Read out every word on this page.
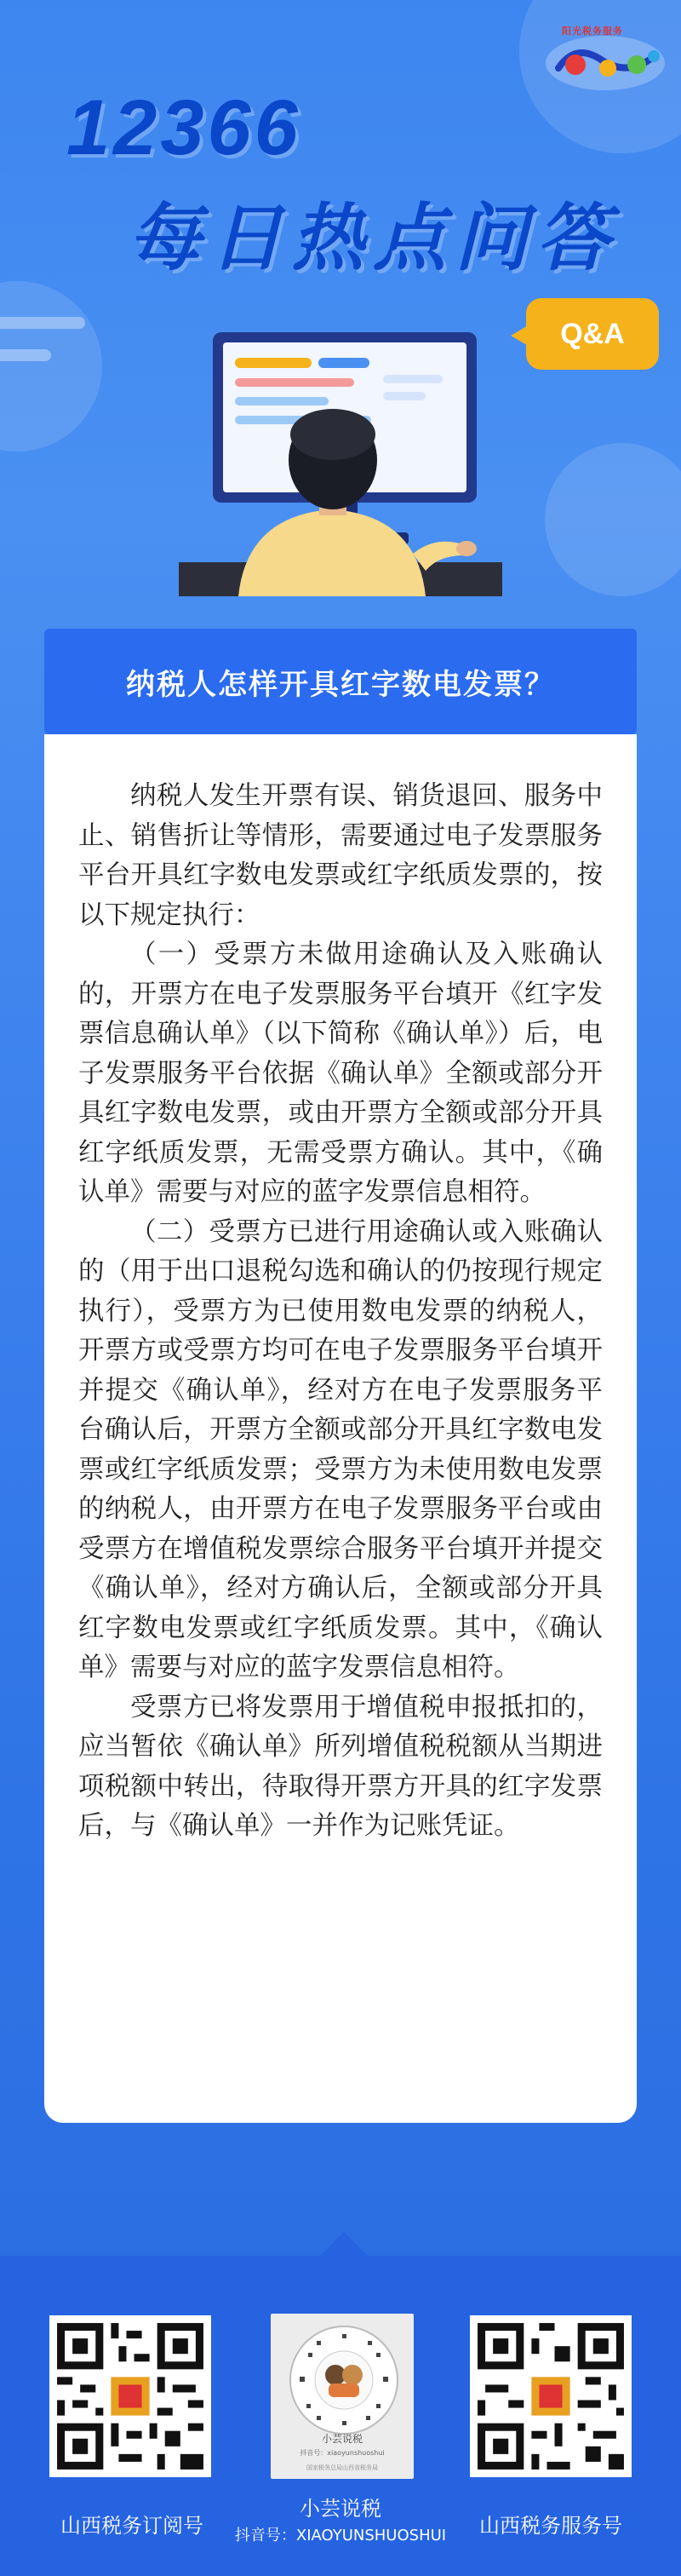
阳光税务服务
12366
每日热点问答
Q&A
纳税人怎样开具红字数电发票？

纳税人发生开票有误、销货退回、服务中止、销售折让等情形，需要通过电子发票服务平台开具红字数电发票或红字纸质发票的，按以下规定执行：

（一）受票方未做用途确认及入账确认的，开票方在电子发票服务平台填开《红字发票信息确认单》（以下简称《确认单》）后，电子发票服务平台依据《确认单》全额或部分开具红字数电发票，或由开票方全额或部分开具红字纸质发票，无需受票方确认。其中，《确认单》需要与对应的蓝字发票信息相符。

（二）受票方已进行用途确认或入账确认的（用于出口退税勾选和确认的仍按现行规定执行），受票方为已使用数电发票的纳税人，开票方或受票方均可在电子发票服务平台填开并提交《确认单》，经对方在电子发票服务平台确认后，开票方全额或部分开具红字数电发票或红字纸质发票；受票方为未使用数电发票的纳税人，由开票方在电子发票服务平台或由受票方在增值税发票综合服务平台填开并提交《确认单》，经对方确认后，全额或部分开具红字数电发票或红字纸质发票。其中，《确认单》需要与对应的蓝字发票信息相符。

受票方已将发票用于增值税申报抵扣的，应当暂依《确认单》所列增值税税额从当期进项税额中转出，待取得开票方开具的红字发票后，与《确认单》一并作为记账凭证。

山西税务订阅号
小芸说税
抖音号：xiaoyunshuoshui
国家税务总局山西省税务局
小芸说税
抖音号：XIAOYUNSHUOSHUI	山西税务服务号
